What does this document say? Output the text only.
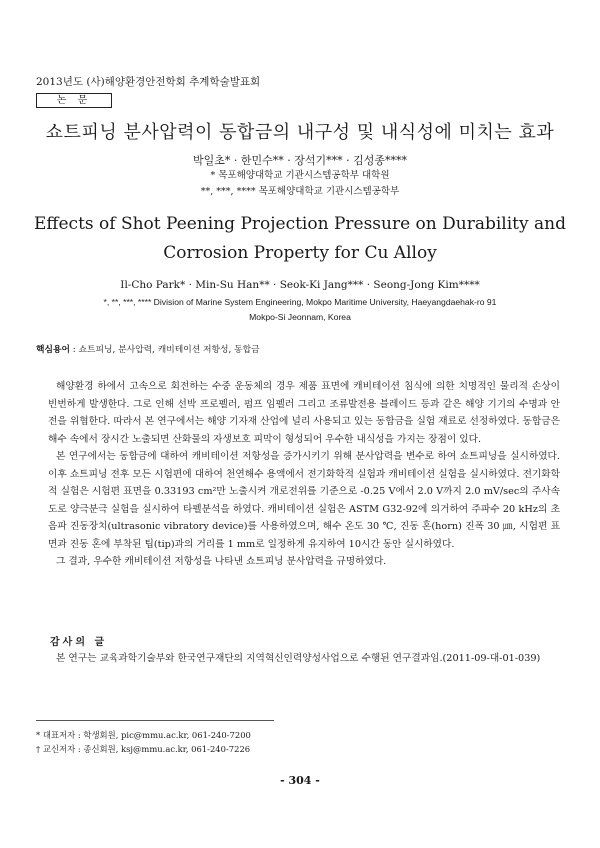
2013년도 (사)해양환경안전학회 추계학술발표회
논 문
쇼트피닝 분사압력이 동합금의 내구성 및 내식성에 미치는 효과
박일초* · 한민수** · 장석기*** · 김성종****
* 목포해양대학교 기관시스템공학부 대학원
**, ***, **** 목포해양대학교 기관시스템공학부
Effects of Shot Peening Projection Pressure on Durability and
Corrosion Property for Cu Alloy
Il-Cho Park* · Min-Su Han** · Seok-Ki Jang*** · Seong-Jong Kim****
*, **, ***, **** Division of Marine System Engineering, Mokpo Maritime University, Haeyangdaehak-ro 91
Mokpo-Si Jeonnam, Korea
핵심용어 : 쇼트피닝, 분사압력, 캐비테이션 저항성, 동합금

해양환경 하에서 고속으로 회전하는 수중 운동체의 경우 제품 표면에 캐비테이션 침식에 의한 치명적인 물리적 손상이 빈번하게 발생한다. 그로 인해 선박 프로펠러, 펌프 임펠러 그리고 조류발전용 블레이드 등과 같은 해양 기기의 수명과 안전을 위협한다. 따라서 본 연구에서는 해양 기자재 산업에 널리 사용되고 있는 동합금을 실험 재료로 선정하였다. 동합금은 해수 속에서 장시간 노출되면 산화물의 자생보호 피막이 형성되어 우수한 내식성을 가지는 장점이 있다.

본 연구에서는 동합금에 대하여 캐비테이션 저항성을 증가시키기 위해 분사압력을 변수로 하여 쇼트피닝을 실시하였다. 이후 쇼트피닝 전후 모든 시험편에 대하여 천연해수 용액에서 전기화학적 실험과 캐비테이션 실험을 실시하였다. 전기화학적 실험은 시험편 표면을 0.33193 cm²만 노출시켜 개로전위를 기준으로 -0.25 V에서 2.0 V까지 2.0 mV/sec의 주사속도로 양극분극 실험을 실시하여 타펠분석을 하였다. 캐비테이션 실험은 ASTM G32-92에 의거하여 주파수 20 kHz의 초음파 진동장치(ultrasonic vibratory device)를 사용하였으며, 해수 온도 30 ℃, 진동 혼(horn) 진폭 30 ㎛, 시험편 표면과 진동 혼에 부착된 팁(tip)과의 거리를 1 mm로 일정하게 유지하여 10시간 동안 실시하였다.

그 결과, 우수한 캐비테이션 저항성을 나타낸 쇼트피닝 분사압력을 규명하였다.

감사의 글

본 연구는 교육과학기술부와 한국연구재단의 지역혁신인력양성사업으로 수행된 연구결과임.(2011-09-대-01-039)

* 대표저자 : 학생회원, pic@mmu.ac.kr, 061-240-7200
† 교신저자 : 종신회원, ksj@mmu.ac.kr, 061-240-7226
- 304 -
